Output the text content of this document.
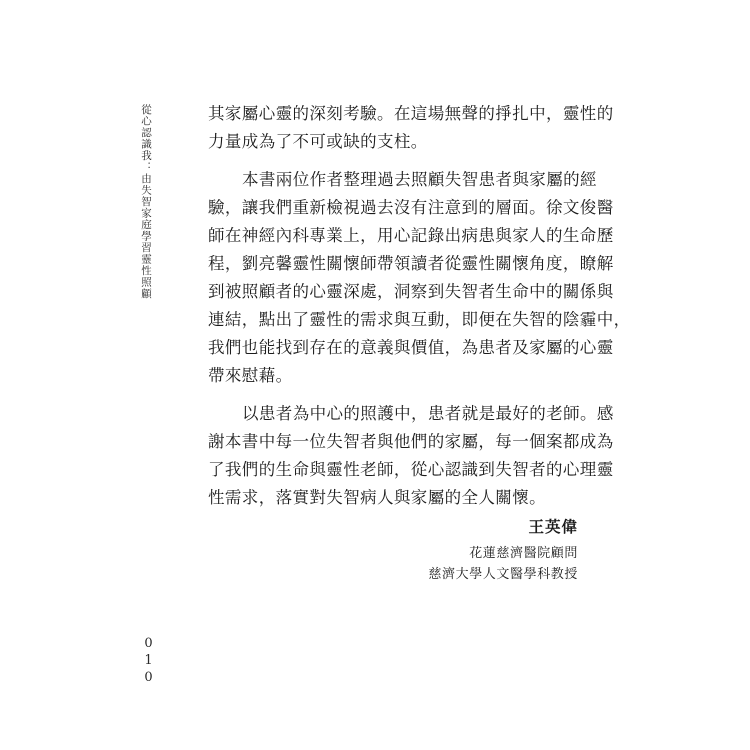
從心認識我：由失智家庭學習靈性照顧	其家屬心靈的深刻考驗。在這場無聲的掙扎中，靈性的
力量成為了不可或缺的支柱。
本書兩位作者整理過去照顧失智患者與家屬的經
驗，讓我們重新檢視過去沒有注意到的層面。徐文俊醫
師在神經內科專業上，用心記錄出病患與家人的生命歷
程，劉亮馨靈性關懷師帶領讀者從靈性關懷角度，瞭解
到被照顧者的心靈深處，洞察到失智者生命中的關係與
連結，點出了靈性的需求與互動，即便在失智的陰霾中，
我們也能找到存在的意義與價值，為患者及家屬的心靈
帶來慰藉。
以患者為中心的照護中，患者就是最好的老師。感
謝本書中每一位失智者與他們的家屬，每一個案都成為
了我們的生命與靈性老師，從心認識到失智者的心理靈
性需求，落實對失智病人與家屬的全人關懷。
王英偉
花蓮慈濟醫院顧問
慈濟大學人文醫學科教授
010
